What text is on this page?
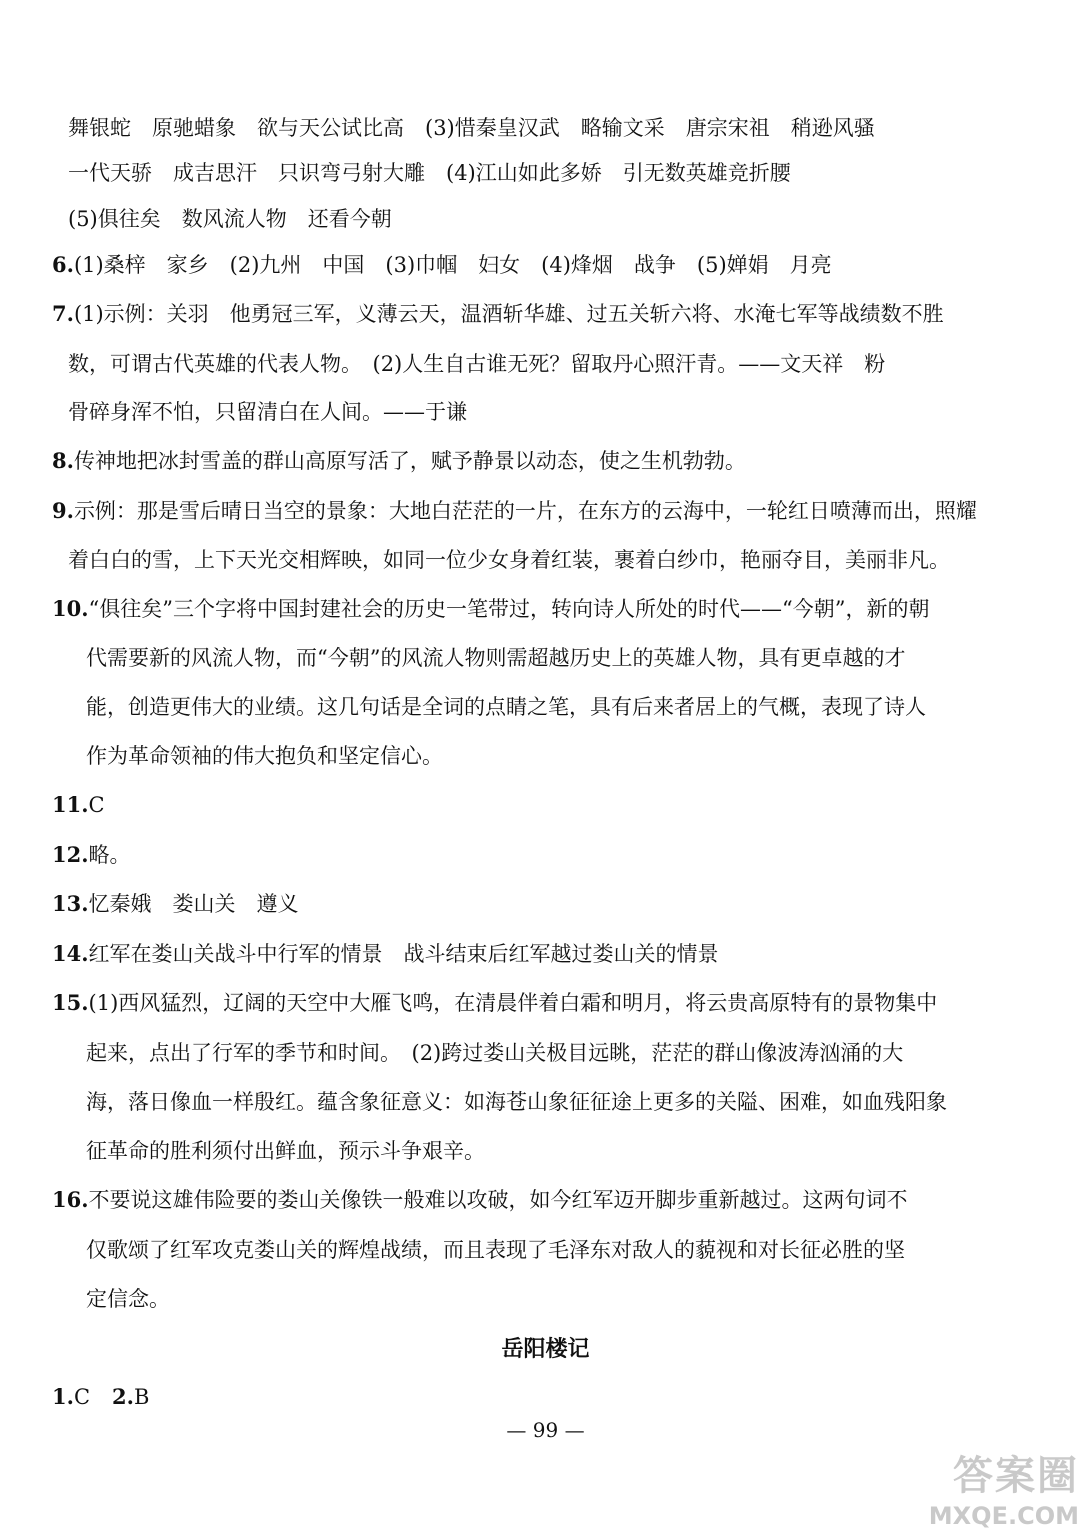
舞银蛇　原驰蜡象　欲与天公试比高　(3)惜秦皇汉武　略输文采　唐宗宋祖　稍逊风骚
一代天骄　成吉思汗　只识弯弓射大雕　(4)江山如此多娇　引无数英雄竞折腰
(5)俱往矣　数风流人物　还看今朝
6.(1)桑梓　家乡　(2)九州　中国　(3)巾帼　妇女　(4)烽烟　战争　(5)婵娟　月亮
7.(1)示例：关羽　他勇冠三军，义薄云天，温酒斩华雄、过五关斩六将、水淹七军等战绩数不胜
数，可谓古代英雄的代表人物。　(2)人生自古谁无死？留取丹心照汗青。——文天祥　粉
骨碎身浑不怕，只留清白在人间。——于谦
8.传神地把冰封雪盖的群山高原写活了，赋予静景以动态，使之生机勃勃。
9.示例：那是雪后晴日当空的景象：大地白茫茫的一片，在东方的云海中，一轮红日喷薄而出，照耀
着白白的雪，上下天光交相辉映，如同一位少女身着红装，裹着白纱巾，艳丽夺目，美丽非凡。
10.“俱往矣”三个字将中国封建社会的历史一笔带过，转向诗人所处的时代——“今朝”，新的朝
代需要新的风流人物，而“今朝”的风流人物则需超越历史上的英雄人物，具有更卓越的才
能，创造更伟大的业绩。这几句话是全词的点睛之笔，具有后来者居上的气概，表现了诗人
作为革命领袖的伟大抱负和坚定信心。
11.C
12.略。
13.忆秦娥　娄山关　遵义
14.红军在娄山关战斗中行军的情景　战斗结束后红军越过娄山关的情景
15.(1)西风猛烈，辽阔的天空中大雁飞鸣，在清晨伴着白霜和明月，将云贵高原特有的景物集中
起来，点出了行军的季节和时间。　(2)跨过娄山关极目远眺，茫茫的群山像波涛汹涌的大
海，落日像血一样殷红。蕴含象征意义：如海苍山象征征途上更多的关隘、困难，如血残阳象
征革命的胜利须付出鲜血，预示斗争艰辛。
16.不要说这雄伟险要的娄山关像铁一般难以攻破，如今红军迈开脚步重新越过。这两句词不
仅歌颂了红军攻克娄山关的辉煌战绩，而且表现了毛泽东对敌人的藐视和对长征必胜的坚
定信念。
岳阳楼记
1.C 2.B
— 99 —
答案圈
MXQE.COM
